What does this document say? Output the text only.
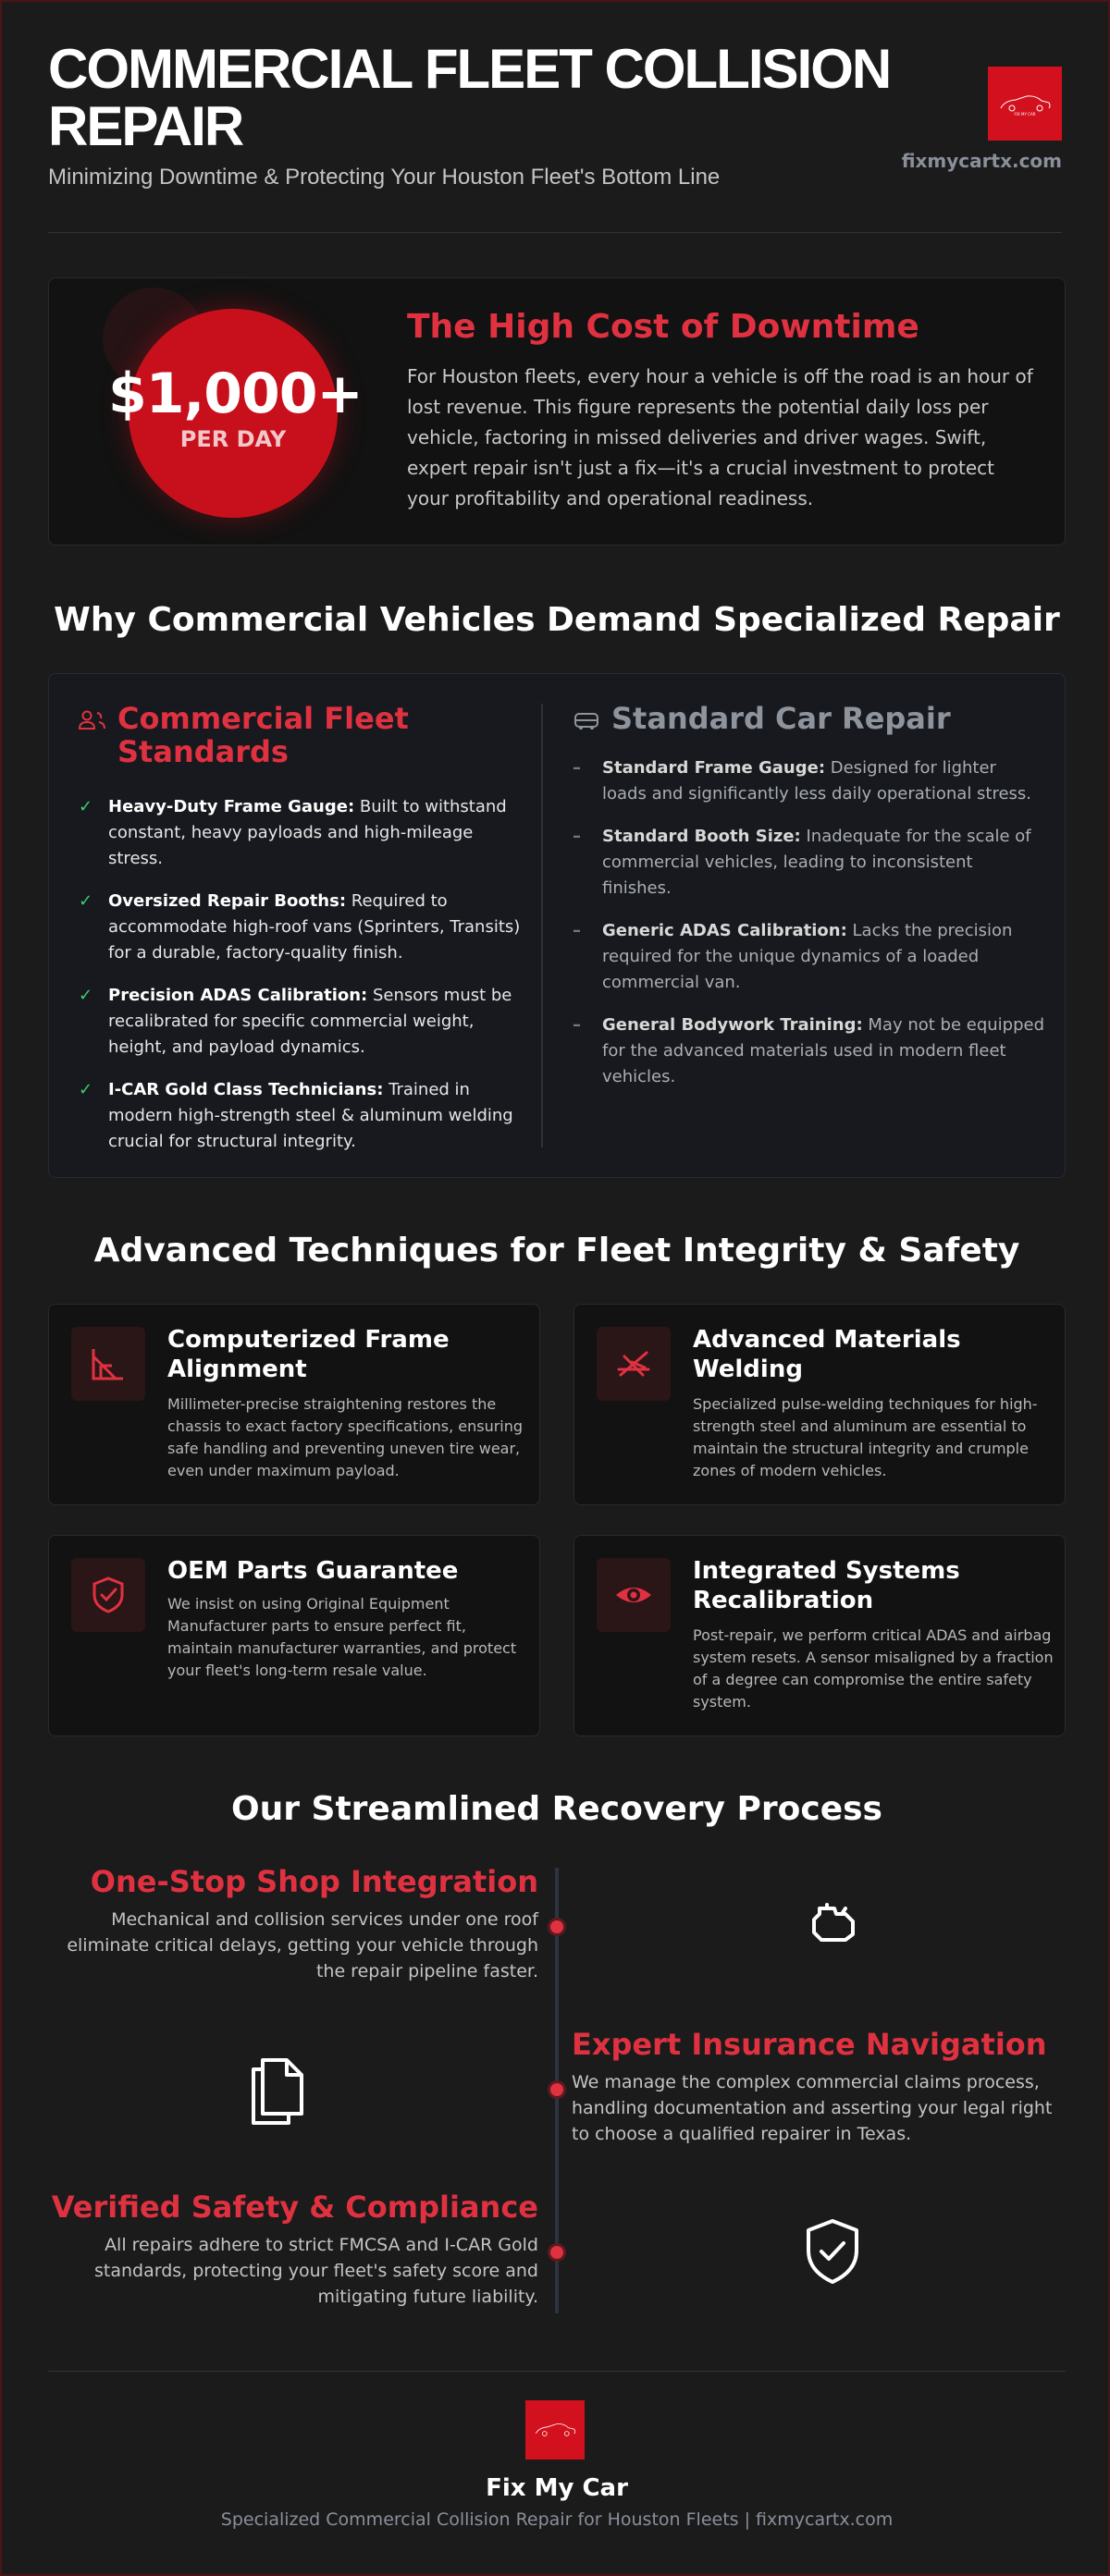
COMMERCIAL FLEET COLLISION REPAIR
Minimizing Downtime & Protecting Your Houston Fleet's Bottom Line
FIX MY CAR
fixmycartx.com
$1,000+
PER DAY
The High Cost of Downtime

For Houston fleets, every hour a vehicle is off the road is an hour of lost revenue. This figure represents the potential daily loss per vehicle, factoring in missed deliveries and driver wages. Swift, expert repair isn't just a fix—it's a crucial investment to protect your profitability and operational readiness.

Why Commercial Vehicles Demand Specialized Repair
Commercial Fleet Standards
✓ Heavy-Duty Frame Gauge: Built to withstand constant, heavy payloads and high-mileage stress.
✓ Oversized Repair Booths: Required to accommodate high-roof vans (Sprinters, Transits) for a durable, factory-quality finish.
✓ Precision ADAS Calibration: Sensors must be recalibrated for specific commercial weight, height, and payload dynamics.
✓ I-CAR Gold Class Technicians: Trained in modern high-strength steel & aluminum welding crucial for structural integrity.
Standard Car Repair
–	Standard Frame Gauge: Designed for lighter loads and significantly less daily operational stress.
–	Standard Booth Size: Inadequate for the scale of commercial vehicles, leading to inconsistent finishes.
–	Generic ADAS Calibration: Lacks the precision required for the unique dynamics of a loaded commercial van.
–	General Bodywork Training: May not be equipped for the advanced materials used in modern fleet vehicles.
Advanced Techniques for Fleet Integrity & Safety
Computerized Frame Alignment

Millimeter-precise straightening restores the chassis to exact factory specifications, ensuring safe handling and preventing uneven tire wear, even under maximum payload.

Advanced Materials Welding

Specialized pulse-welding techniques for high-strength steel and aluminum are essential to maintain the structural integrity and crumple zones of modern vehicles.

OEM Parts Guarantee

We insist on using Original Equipment Manufacturer parts to ensure perfect fit, maintain manufacturer warranties, and protect your fleet's long-term resale value.

Integrated Systems Recalibration

Post-repair, we perform critical ADAS and airbag system resets. A sensor misaligned by a fraction of a degree can compromise the entire safety system.

Our Streamlined Recovery Process
One-Stop Shop Integration

Mechanical and collision services under one roof eliminate critical delays, getting your vehicle through the repair pipeline faster.

Expert Insurance Navigation

We manage the complex commercial claims process, handling documentation and asserting your legal right to choose a qualified repairer in Texas.

Verified Safety & Compliance

All repairs adhere to strict FMCSA and I-CAR Gold standards, protecting your fleet's safety score and mitigating future liability.

Fix My Car
Specialized Commercial Collision Repair for Houston Fleets | fixmycartx.com
